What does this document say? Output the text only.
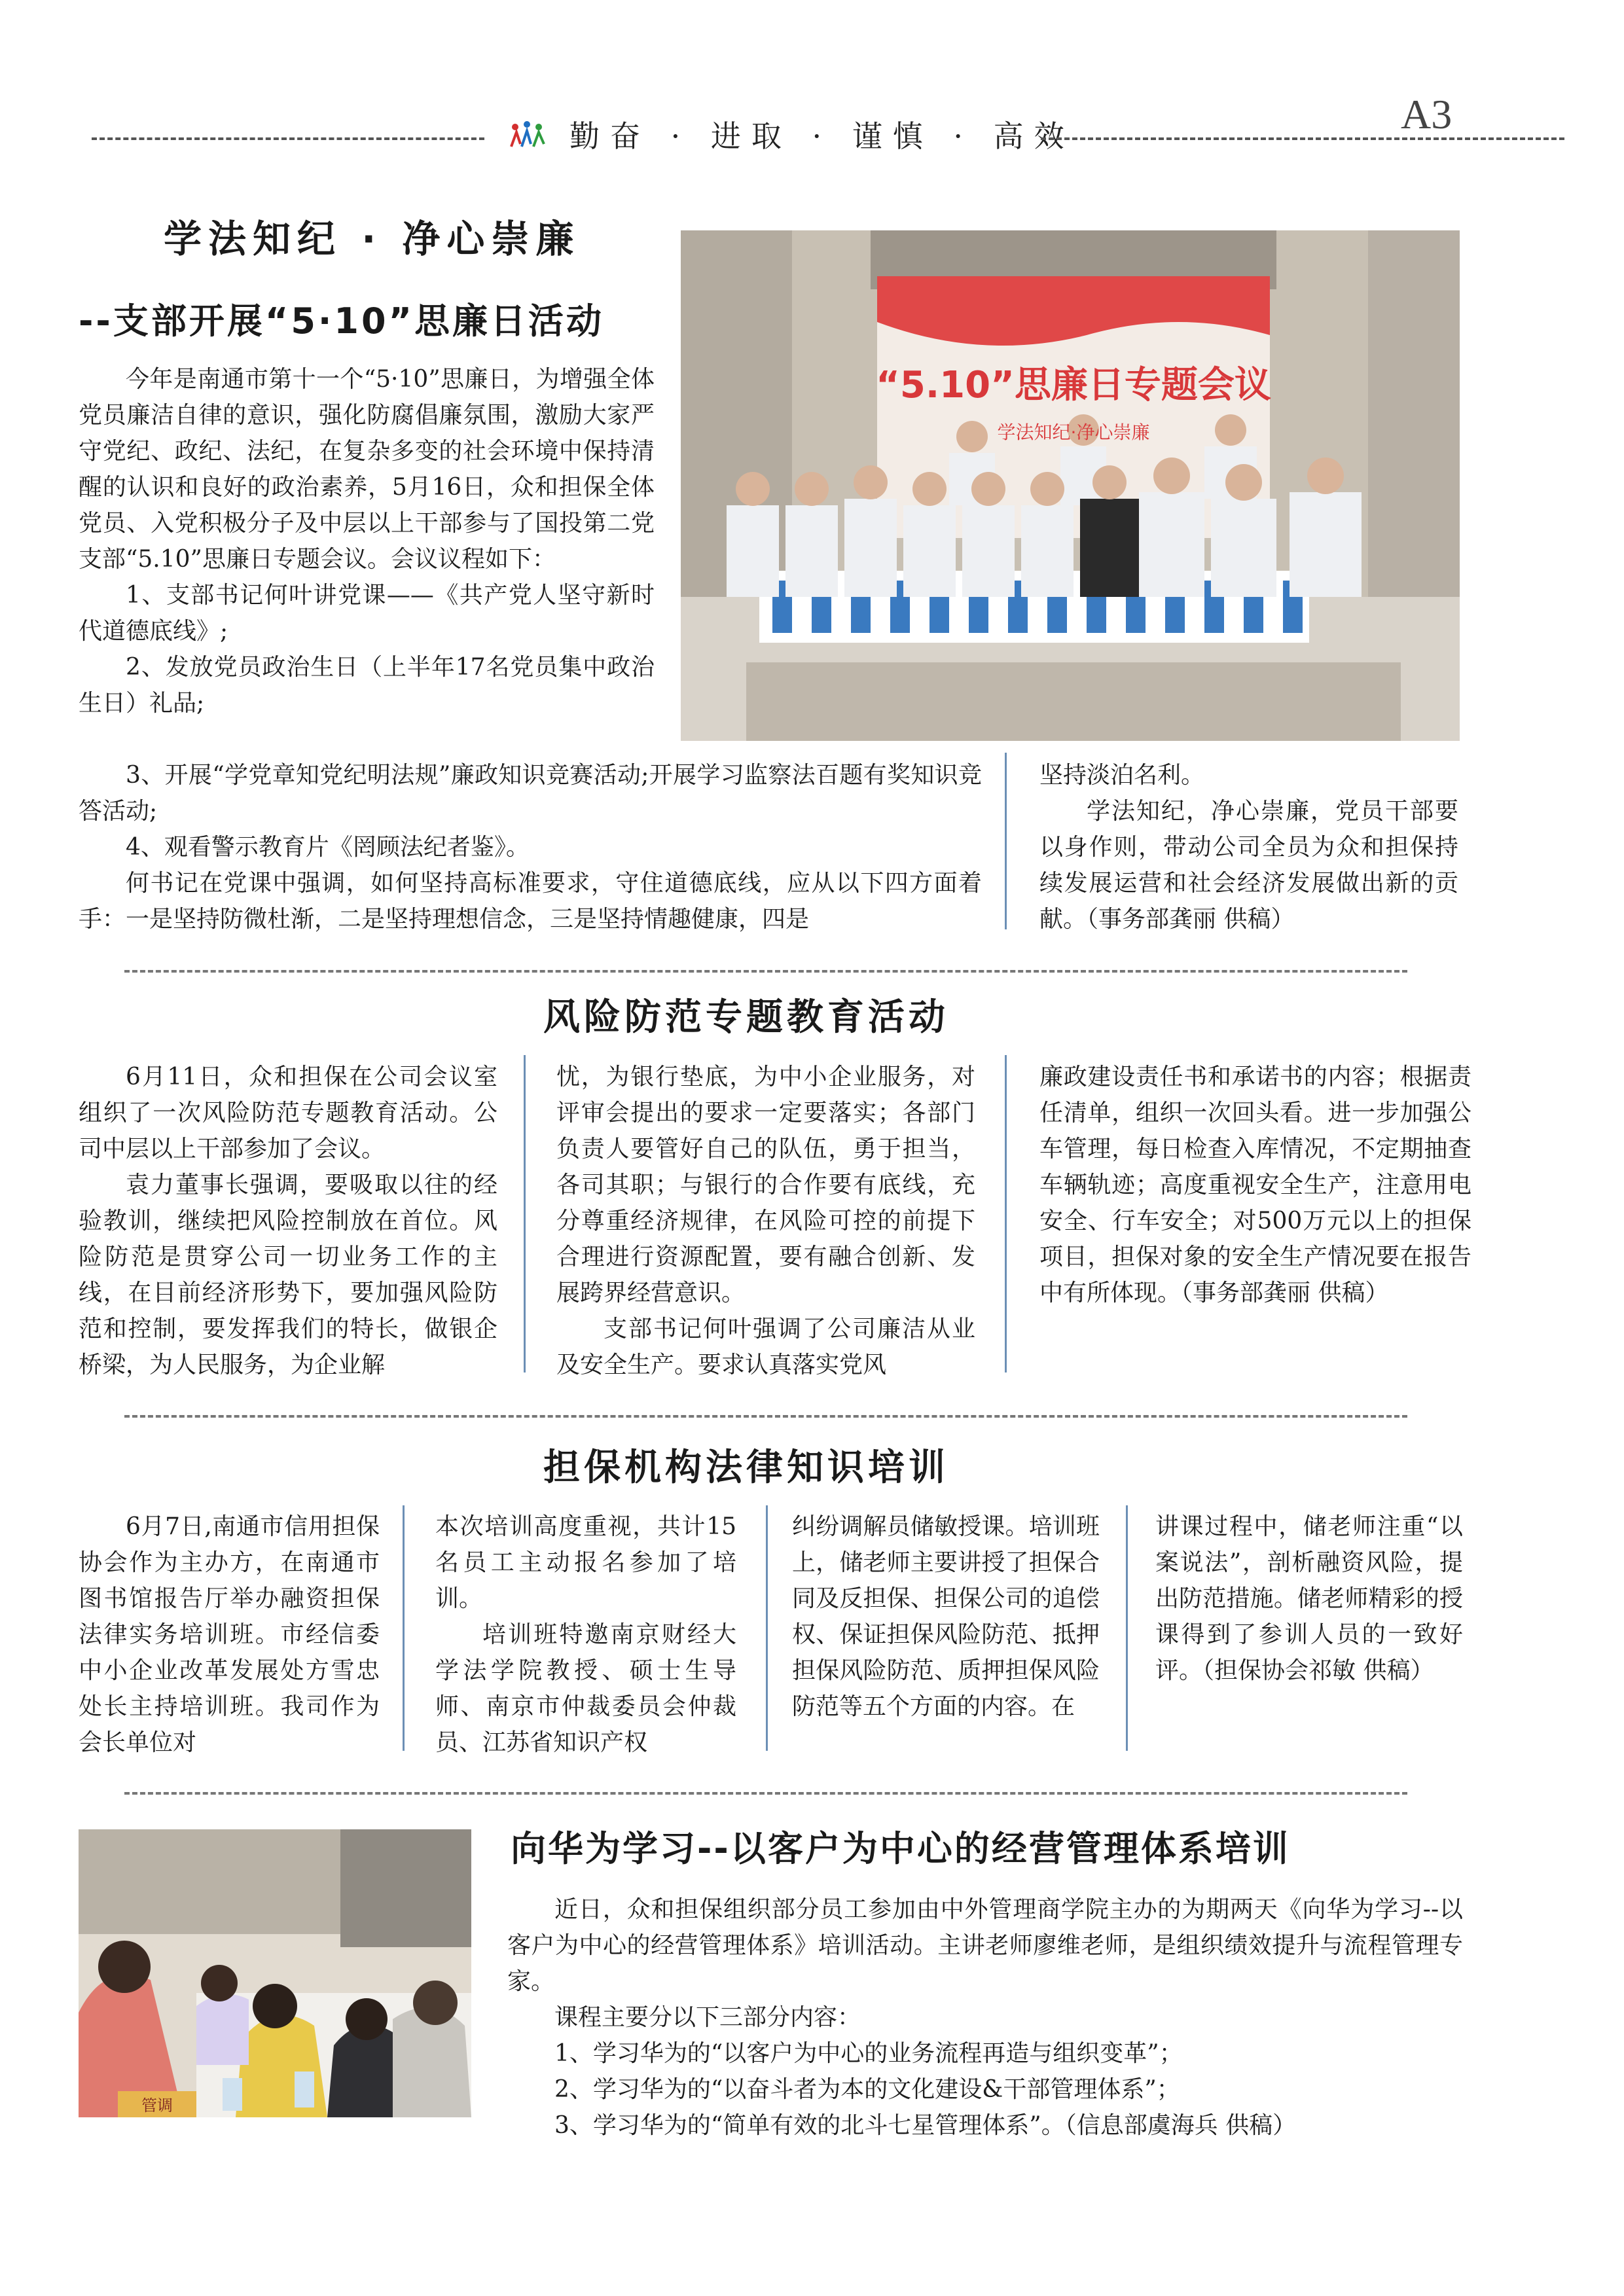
勤奋 · 进取 · 谨慎 · 高效	A3
学法知纪 · 净心崇廉
--支部开展“5·10”思廉日活动
“5.10”思廉日专题会议
学法知纪·净心崇廉

今年是南通市第十一个“5·10”思廉日，为增强全体党员廉洁自律的意识，强化防腐倡廉氛围，激励大家严守党纪、政纪、法纪，在复杂多变的社会环境中保持清醒的认识和良好的政治素养，5月16日，众和担保全体党员、入党积极分子及中层以上干部参与了国投第二党支部“5.10”思廉日专题会议。会议议程如下：

1、支部书记何叶讲党课——《共产党人坚守新时代道德底线》;

2、发放党员政治生日（上半年17名党员集中政治生日）礼品;

3、开展“学党章知党纪明法规”廉政知识竞赛活动;开展学习监察法百题有奖知识竞答活动;

4、观看警示教育片《罔顾法纪者鉴》。

何书记在党课中强调，如何坚持高标准要求，守住道德底线，应从以下四方面着手：一是坚持防微杜渐，二是坚持理想信念，三是坚持情趣健康，四是

坚持淡泊名利。

学法知纪，净心崇廉，党员干部要以身作则，带动公司全员为众和担保持续发展运营和社会经济发展做出新的贡献。（事务部龚丽 供稿）

风险防范专题教育活动

6月11日，众和担保在公司会议室组织了一次风险防范专题教育活动。公司中层以上干部参加了会议。

袁力董事长强调，要吸取以往的经验教训，继续把风险控制放在首位。风险防范是贯穿公司一切业务工作的主线，在目前经济形势下，要加强风险防范和控制，要发挥我们的特长，做银企桥梁，为人民服务，为企业解

忧，为银行垫底，为中小企业服务，对评审会提出的要求一定要落实；各部门负责人要管好自己的队伍，勇于担当，各司其职；与银行的合作要有底线，充分尊重经济规律，在风险可控的前提下合理进行资源配置，要有融合创新、发展跨界经营意识。

支部书记何叶强调了公司廉洁从业及安全生产。要求认真落实党风

廉政建设责任书和承诺书的内容；根据责任清单，组织一次回头看。进一步加强公车管理，每日检查入库情况，不定期抽查车辆轨迹；高度重视安全生产，注意用电安全、行车安全；对500万元以上的担保项目，担保对象的安全生产情况要在报告中有所体现。（事务部龚丽 供稿）

担保机构法律知识培训

6月7日,南通市信用担保协会作为主办方，在南通市图书馆报告厅举办融资担保法律实务培训班。市经信委中小企业改革发展处方雪忠处长主持培训班。我司作为会长单位对

本次培训高度重视，共计15名员工主动报名参加了培训。

培训班特邀南京财经大学法学院教授、硕士生导师、南京市仲裁委员会仲裁员、江苏省知识产权

纠纷调解员储敏授课。培训班上，储老师主要讲授了担保合同及反担保、担保公司的追偿权、保证担保风险防范、抵押担保风险防范、质押担保风险防范等五个方面的内容。在

讲课过程中，储老师注重“以案说法”，剖析融资风险，提出防范措施。储老师精彩的授课得到了参训人员的一致好评。（担保协会祁敏 供稿）

管调
向华为学习--以客户为中心的经营管理体系培训

近日，众和担保组织部分员工参加由中外管理商学院主办的为期两天《向华为学习--以客户为中心的经营管理体系》培训活动。主讲老师廖维老师，是组织绩效提升与流程管理专家。

课程主要分以下三部分内容：

1、学习华为的“以客户为中心的业务流程再造与组织变革”；

2、学习华为的“以奋斗者为本的文化建设&干部管理体系”；

3、学习华为的“简单有效的北斗七星管理体系”。（信息部虞海兵 供稿）
